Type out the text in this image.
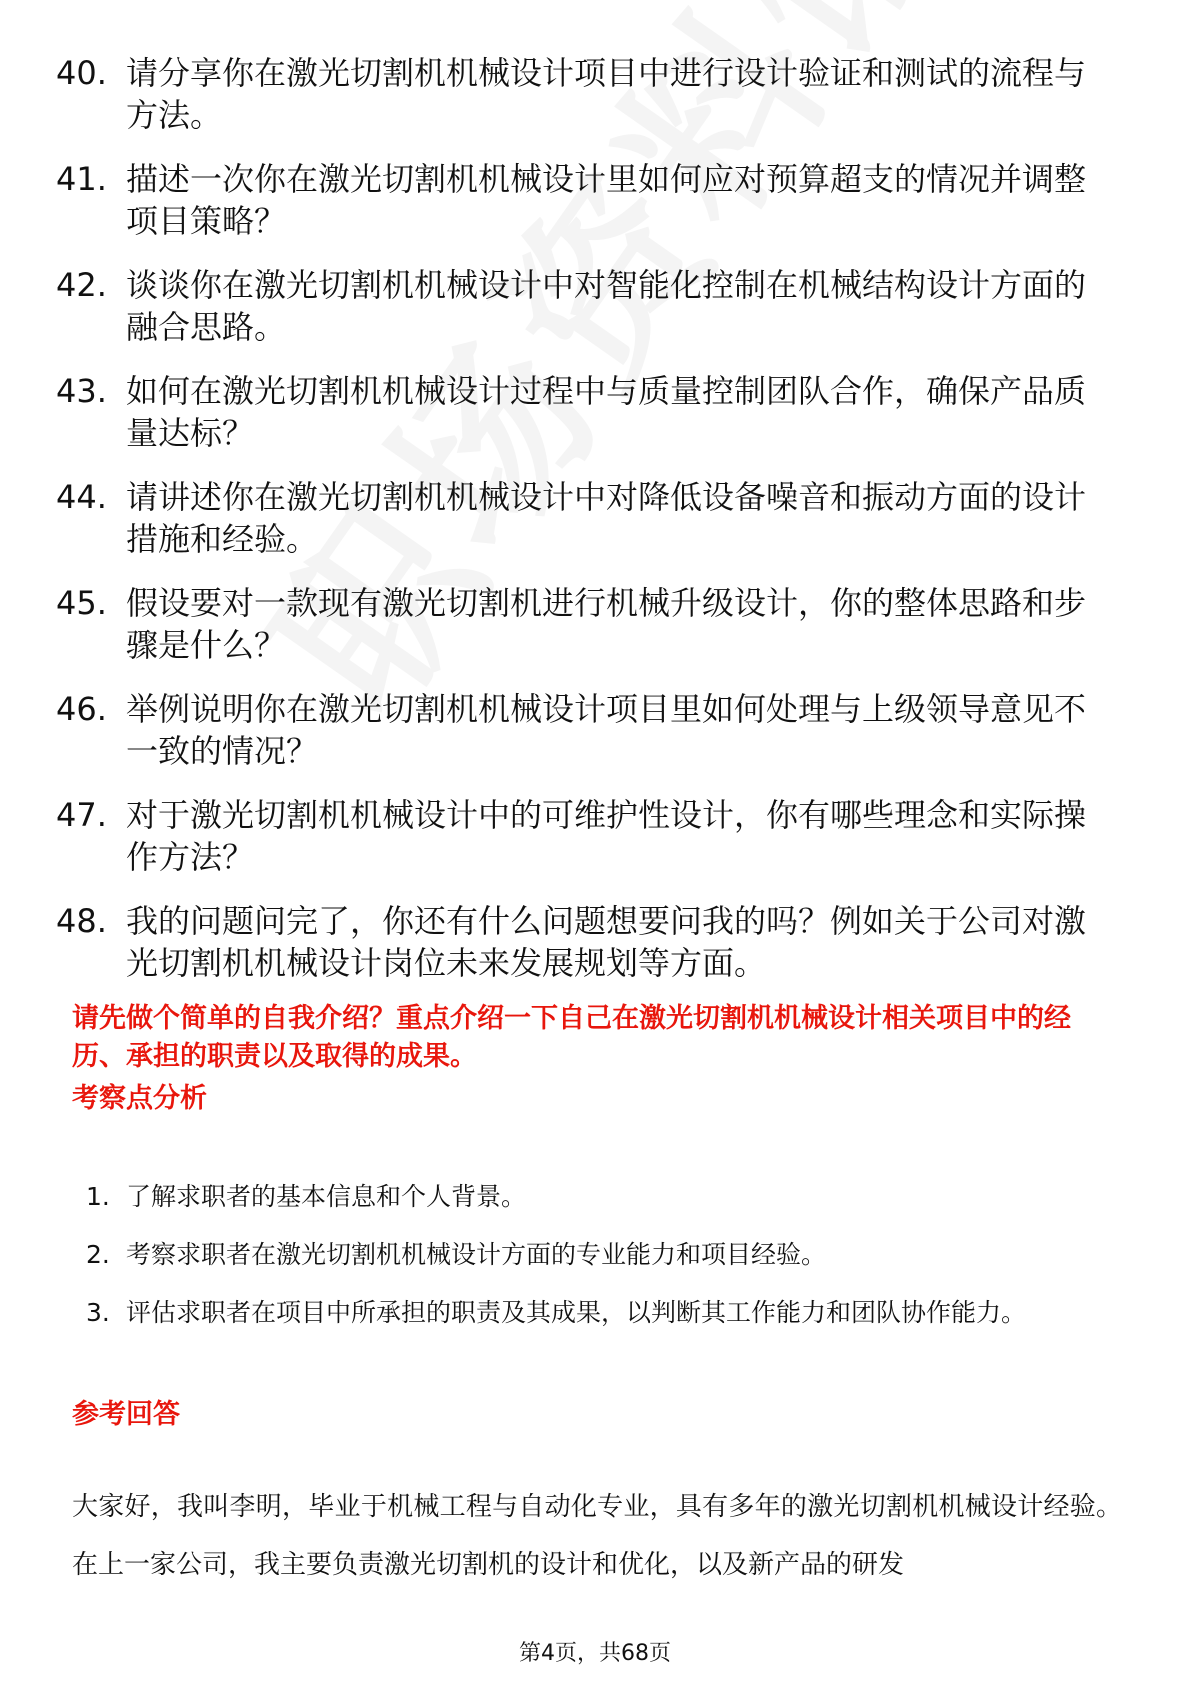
40. 请分享你在激光切割机机械设计项目中进行设计验证和测试的流程与方法。
41. 描述一次你在激光切割机机械设计里如何应对预算超支的情况并调整项目策略？
42. 谈谈你在激光切割机机械设计中对智能化控制在机械结构设计方面的融合思路。
43. 如何在激光切割机机械设计过程中与质量控制团队合作，确保产品质量达标？
44. 请讲述你在激光切割机机械设计中对降低设备噪音和振动方面的设计措施和经验。
45. 假设要对一款现有激光切割机进行机械升级设计，你的整体思路和步骤是什么？
46. 举例说明你在激光切割机机械设计项目里如何处理与上级领导意见不一致的情况？
47. 对于激光切割机机械设计中的可维护性设计，你有哪些理念和实际操作方法？
48. 我的问题问完了，你还有什么问题想要问我的吗？例如关于公司对激光切割机机械设计岗位未来发展规划等方面。
请先做个简单的自我介绍？重点介绍一下自己在激光切割机机械设计相关项目中的经历、承担的职责以及取得的成果。
考察点分析
1. 了解求职者的基本信息和个人背景。
2. 考察求职者在激光切割机机械设计方面的专业能力和项目经验。
3. 评估求职者在项目中所承担的职责及其成果，以判断其工作能力和团队协作能力。
参考回答
大家好，我叫李明，毕业于机械工程与自动化专业，具有多年的激光切割机机械设计经验。在上一家公司，我主要负责激光切割机的设计和优化，以及新产品的研发
第4页，共68页
